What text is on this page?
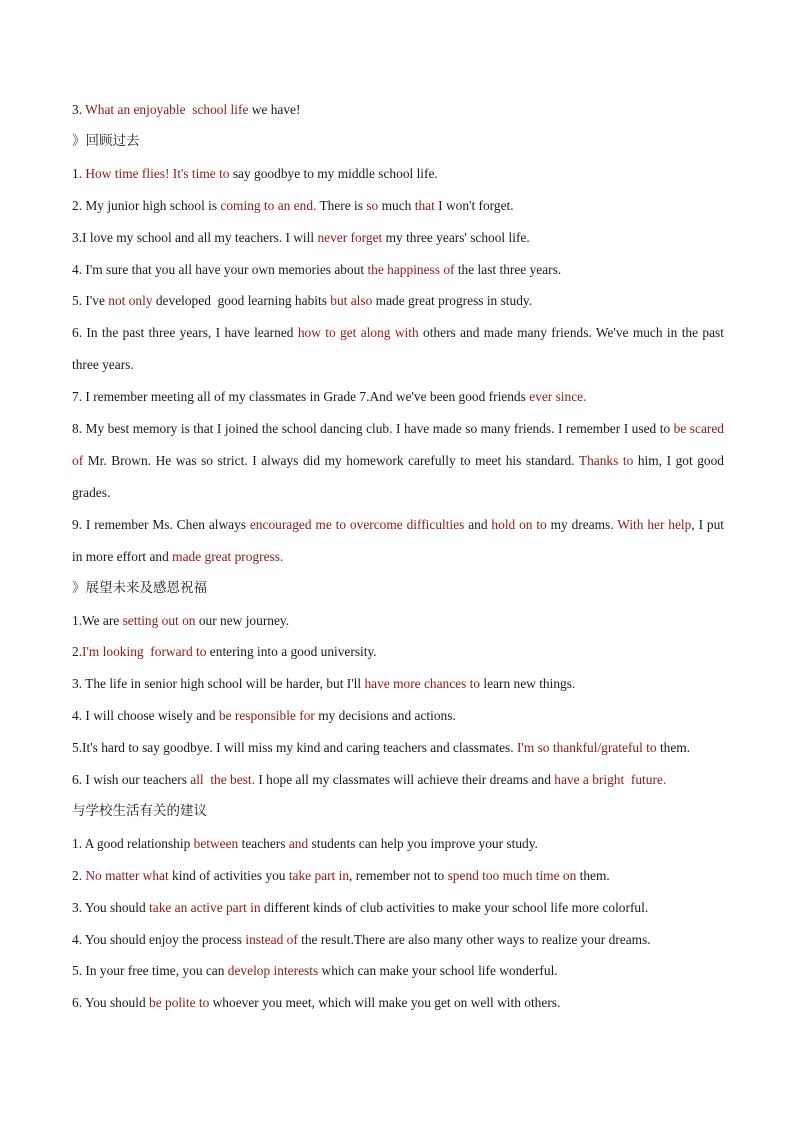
3. What an enjoyable  school life we have!
》回顾过去
1. How time flies! It's time to say goodbye to my middle school life.
2. My junior high school is coming to an end. There is so much that I won't forget.
3.I love my school and all my teachers. I will never forget my three years' school life.
4. I'm sure that you all have your own memories about the happiness of the last three years.
5. I've not only developed  good learning habits but also made great progress in study.
6. In the past three years, I have learned how to get along with others and made many friends. We've much in the past three years.
7. I remember meeting all of my classmates in Grade 7.And we've been good friends ever since.
8. My best memory is that I joined the school dancing club. I have made so many friends. I remember I used to be scared of Mr. Brown. He was so strict. I always did my homework carefully to meet his standard. Thanks to him, I got good grades.
9. I remember Ms. Chen always encouraged me to overcome difficulties and hold on to my dreams. With her help, I put in more effort and made great progress.
》展望未来及感恩祝福
1.We are setting out on our new journey.
2.I'm looking  forward to entering into a good university.
3. The life in senior high school will be harder, but I'll have more chances to learn new things.
4. I will choose wisely and be responsible for my decisions and actions.
5.It's hard to say goodbye. I will miss my kind and caring teachers and classmates. I'm so thankful/grateful to them.
6. I wish our teachers all  the best. I hope all my classmates will achieve their dreams and have a bright  future.
与学校生活有关的建议
1. A good relationship between teachers and students can help you improve your study.
2. No matter what kind of activities you take part in, remember not to spend too much time on them.
3. You should take an active part in different kinds of club activities to make your school life more colorful.
4. You should enjoy the process instead of the result.There are also many other ways to realize your dreams.
5. In your free time, you can develop interests which can make your school life wonderful.
6. You should be polite to whoever you meet, which will make you get on well with others.
